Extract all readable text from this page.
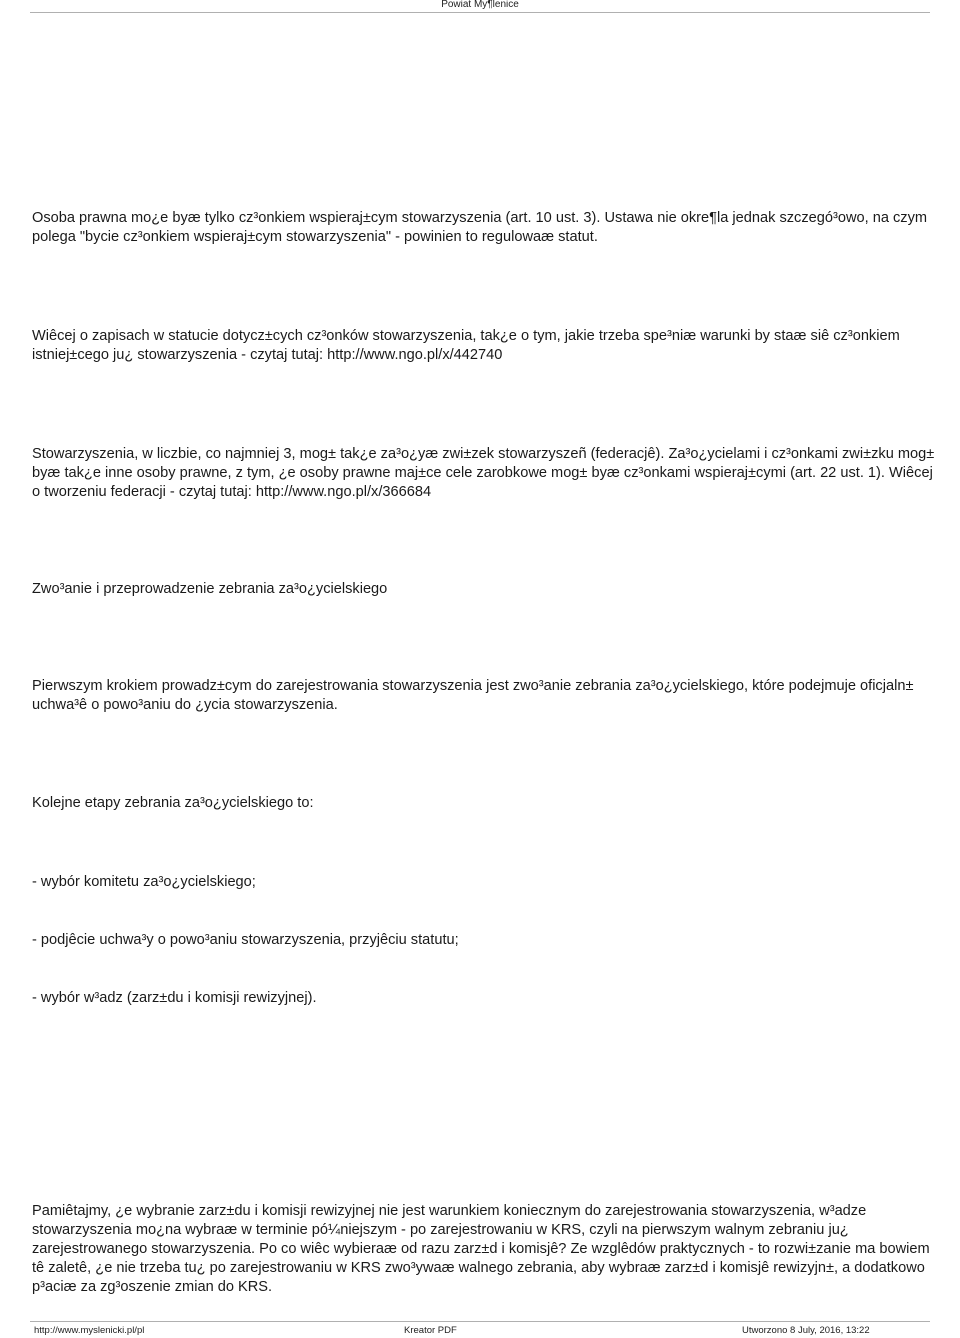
Powiat My¶lenice

Osoba prawna mo¿e byæ tylko cz³onkiem wspieraj±cym stowarzyszenia (art. 10 ust. 3). Ustawa nie okre¶la jednak szczegó³owo, na czym polega "bycie cz³onkiem wspieraj±cym stowarzyszenia" - powinien to regulowaæ statut.

Wiêcej o zapisach w statucie dotycz±cych cz³onków stowarzyszenia, tak¿e o tym, jakie trzeba spe³niæ warunki by staæ siê cz³onkiem istniej±cego ju¿ stowarzyszenia - czytaj tutaj: http://www.ngo.pl/x/442740

Stowarzyszenia, w liczbie, co najmniej 3, mog± tak¿e za³o¿yæ zwi±zek stowarzyszeñ (federacjê). Za³o¿ycielami i cz³onkami zwi±zku mog± byæ tak¿e inne osoby prawne, z tym, ¿e osoby prawne maj±ce cele zarobkowe mog± byæ cz³onkami wspieraj±cymi (art. 22 ust. 1). Wiêcej o tworzeniu federacji - czytaj tutaj: http://www.ngo.pl/x/366684

Zwo³anie i przeprowadzenie zebrania za³o¿ycielskiego

Pierwszym krokiem prowadz±cym do zarejestrowania stowarzyszenia jest zwo³anie zebrania za³o¿ycielskiego, które podejmuje oficjaln± uchwa³ê o powo³aniu do ¿ycia stowarzyszenia.

Kolejne etapy zebrania za³o¿ycielskiego to:

- wybór komitetu za³o¿ycielskiego;

- podjêcie uchwa³y o powo³aniu stowarzyszenia, przyjêciu statutu;

- wybór w³adz (zarz±du i komisji rewizyjnej).

Pamiêtajmy, ¿e wybranie zarz±du i komisji rewizyjnej nie jest warunkiem koniecznym do zarejestrowania stowarzyszenia, w³adze stowarzyszenia mo¿na wybraæ w terminie pó¼niejszym - po zarejestrowaniu w KRS, czyli na pierwszym walnym zebraniu ju¿ zarejestrowanego stowarzyszenia. Po co wiêc wybieraæ od razu zarz±d i komisjê? Ze wzglêdów praktycznych - to rozwi±zanie ma bowiem tê zaletê, ¿e nie trzeba tu¿ po zarejestrowaniu w KRS zwo³ywaæ walnego zebrania, aby wybraæ zarz±d i komisjê rewizyjn±, a dodatkowo p³aciæ za zg³oszenie zmian do KRS.

http://www.myslenicki.pl/pl	Kreator PDF	Utworzono 8 July, 2016, 13:22
